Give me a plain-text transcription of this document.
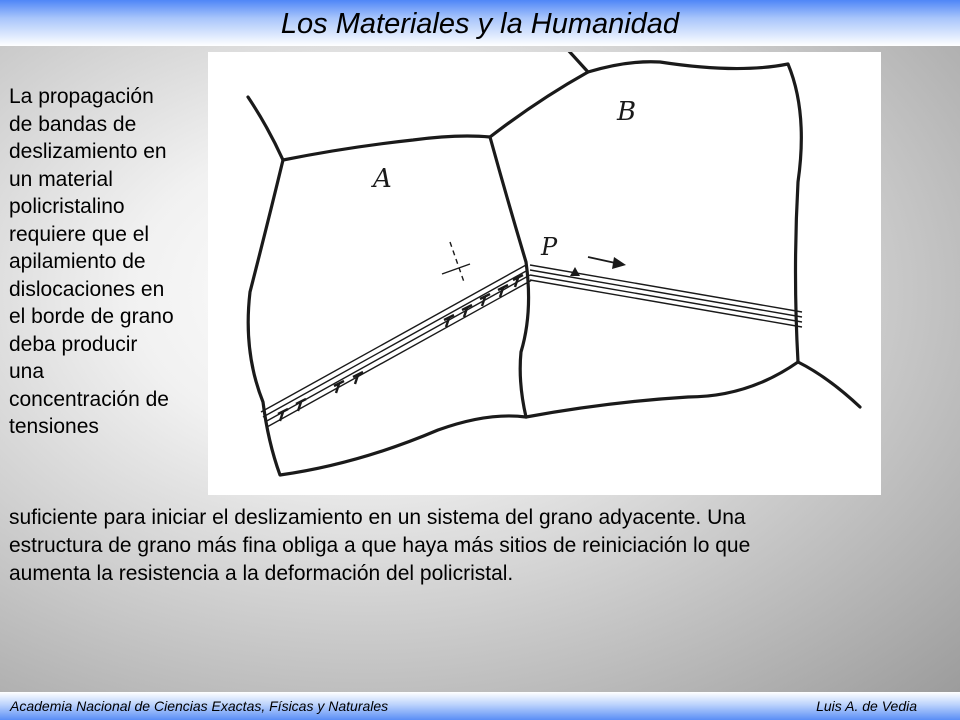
Los Materiales y la Humanidad
A
B
P
La propagación
de bandas de
deslizamiento en
un material
policristalino
requiere que el
apilamiento de
dislocaciones en
el borde de grano
deba producir
una
concentración de
tensiones
suficiente para iniciar el deslizamiento en un sistema del grano adyacente. Una
estructura de grano más fina obliga a que haya más sitios de reiniciación lo que
aumenta la resistencia a la deformación del policristal.
Academia Nacional de Ciencias Exactas, Físicas y Naturales	Luis A. de Vedia
